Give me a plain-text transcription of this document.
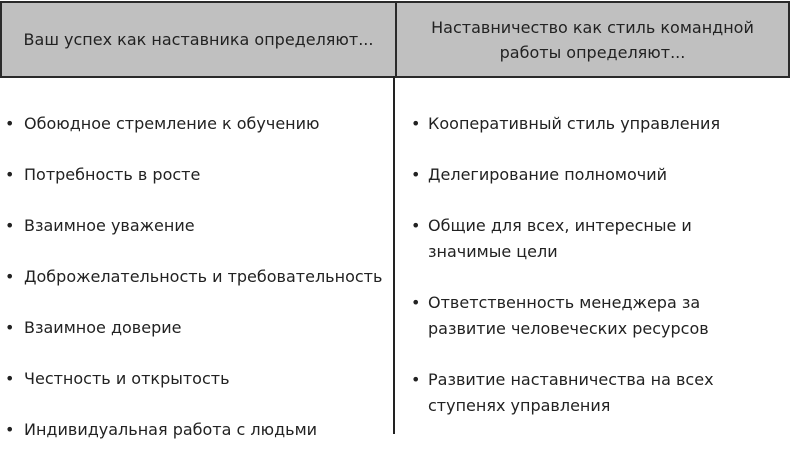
Ваш успех как наставника определяют...
Наставничество как стиль командной работы определяют...
• Обоюдное стремление к обучению
• Потребность в росте
• Взаимное уважение
• Доброжелательность и требовательность
• Взаимное доверие
• Честность и открытость
• Индивидуальная работа с людьми
• Кооперативный стиль управления
• Делегирование полномочий
• Общие для всех, интересные и значимые цели
• Ответственность менеджера за развитие человеческих ресурсов
• Развитие наставничества на всех ступенях управления
